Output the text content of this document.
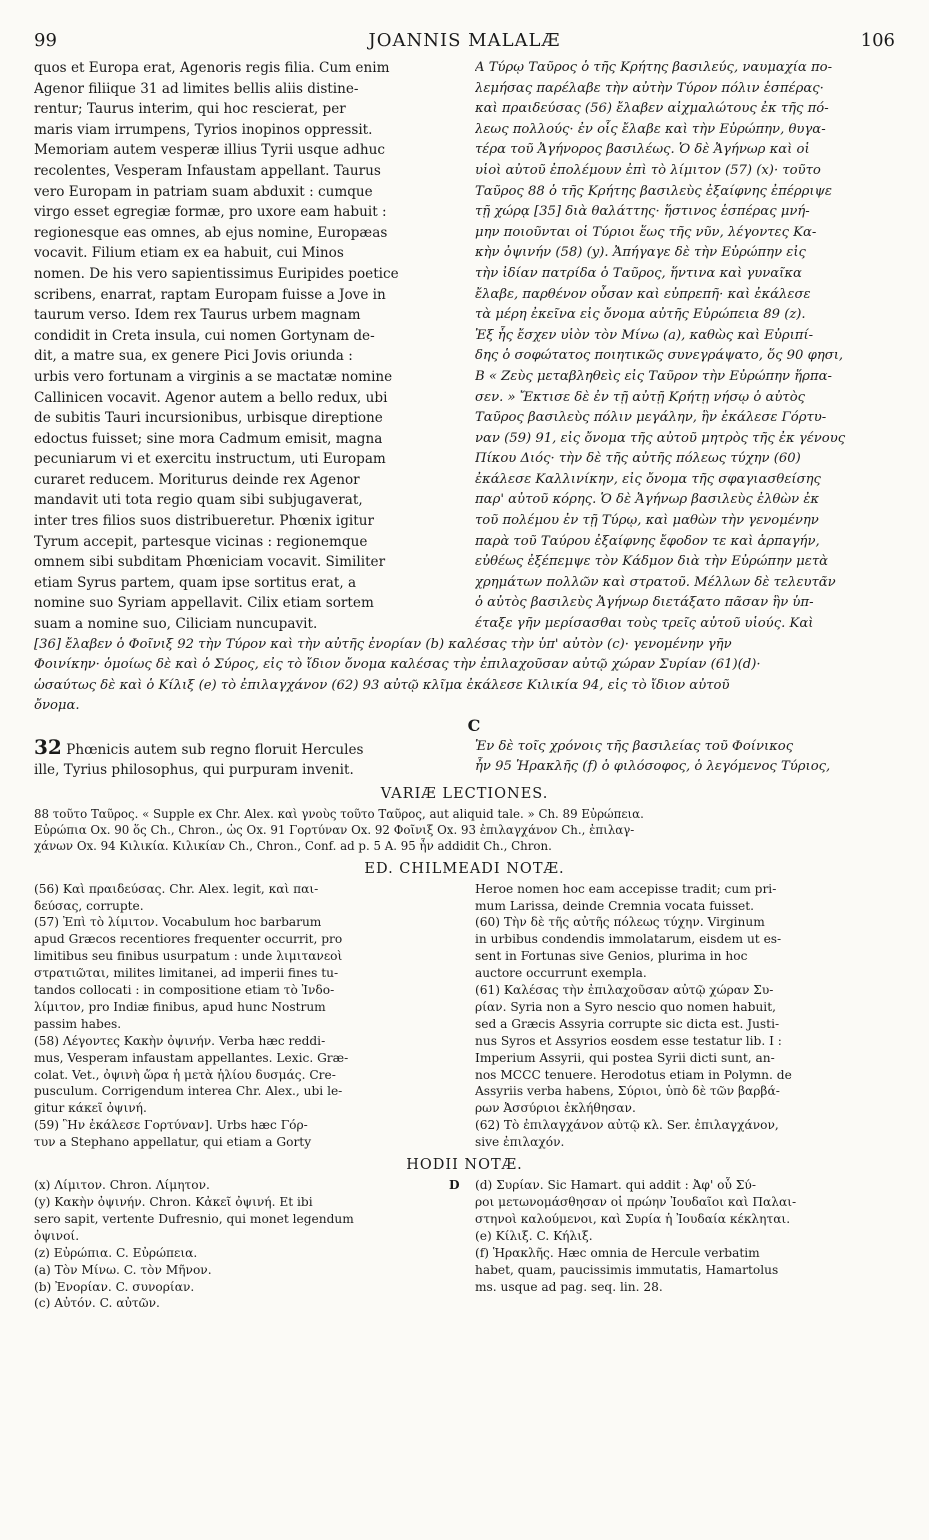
99	JOANNIS MALALÆ	106
quos et Europa erat, Agenoris regis filia. Cum enim
Agenor filiique 31 ad limites bellis aliis distine-
rentur; Taurus interim, qui hoc rescierat, per
maris viam irrumpens, Tyrios inopinos oppressit.
Memoriam autem vesperæ illius Tyrii usque adhuc
recolentes, Vesperam Infaustam appellant. Taurus
vero Europam in patriam suam abduxit : cumque
virgo esset egregiæ formæ, pro uxore eam habuit :
regionesque eas omnes, ab ejus nomine, Europæas
vocavit. Filium etiam ex ea habuit, cui Minos
nomen. De his vero sapientissimus Euripides poetice
scribens, enarrat, raptam Europam fuisse a Jove in
taurum verso. Idem rex Taurus urbem magnam
condidit in Creta insula, cui nomen Gortynam de-
dit, a matre sua, ex genere Pici Jovis oriunda :
urbis vero fortunam a virginis a se mactatæ nomine
Callinicen vocavit. Agenor autem a bello redux, ubi
de subitis Tauri incursionibus, urbisque direptione
edoctus fuisset; sine mora Cadmum emisit, magna
pecuniarum vi et exercitu instructum, uti Europam
curaret reducem. Moriturus deinde rex Agenor
mandavit uti tota regio quam sibi subjugaverat,
inter tres filios suos distribueretur. Phœnix igitur
Tyrum accepit, partesque vicinas : regionemque
omnem sibi subditam Phœniciam vocavit. Similiter
etiam Syrus partem, quam ipse sortitus erat, a
nomine suo Syriam appellavit. Cilix etiam sortem
suam a nomine suo, Ciliciam nuncupavit.
A Τύρῳ Ταῦρος ὁ τῆς Κρήτης βασιλεύς, ναυμαχία πο-
λεμήσας παρέλαβε τὴν αὐτὴν Τύρον πόλιν ἑσπέρας·
καὶ πραιδεύσας (56) ἔλαβεν αἰχμαλώτους ἐκ τῆς πό-
λεως πολλούς· ἐν οἷς ἔλαβε καὶ τὴν Εὐρώπην, θυγα-
τέρα τοῦ Ἀγήνορος βασιλέως. Ὁ δὲ Ἀγήνωρ καὶ οἱ
υἱοὶ αὐτοῦ ἐπολέμουν ἐπὶ τὸ λίμιτον (57) (x)· τοῦτο
Ταῦρος 88 ὁ τῆς Κρήτης βασιλεὺς ἐξαίφνης ἐπέρριψε
τῇ χώρᾳ [35] διὰ θαλάττης· ἥστινος ἑσπέρας μνή-
μην ποιοῦνται οἱ Τύριοι ἕως τῆς νῦν, λέγοντες Κα-
κὴν ὀψινήν (58) (y). Ἀπήγαγε δὲ τὴν Εὐρώπην εἰς
τὴν ἰδίαν πατρίδα ὁ Ταῦρος, ἥντινα καὶ γυναῖκα
ἔλαβε, παρθένον οὖσαν καὶ εὐπρεπῆ· καὶ ἐκάλεσε
τὰ μέρη ἐκεῖνα εἰς ὄνομα αὐτῆς Εὐρώπεια 89 (z).
Ἐξ ἧς ἔσχεν υἱὸν τὸν Μίνω (a), καθὼς καὶ Εὐριπί-
δης ὁ σοφώτατος ποιητικῶς συνεγράψατο, ὅς 90 φησι,
B « Ζεὺς μεταβληθεὶς εἰς Ταῦρον τὴν Εὐρώπην ἥρπα-
σεν. » Ἔκτισε δὲ ἐν τῇ αὐτῇ Κρήτῃ νήσῳ ὁ αὐτὸς
Ταῦρος βασιλεὺς πόλιν μεγάλην, ἣν ἐκάλεσε Γόρτυ-
ναν (59) 91, εἰς ὄνομα τῆς αὐτοῦ μητρὸς τῆς ἐκ γένους
Πίκου Διός· τὴν δὲ τῆς αὐτῆς πόλεως τύχην (60)
ἐκάλεσε Καλλινίκην, εἰς ὄνομα τῆς σφαγιασθείσης
παρ' αὐτοῦ κόρης. Ὁ δὲ Ἀγήνωρ βασιλεὺς ἐλθὼν ἐκ
τοῦ πολέμου ἐν τῇ Τύρῳ, καὶ μαθὼν τὴν γενομένην
παρὰ τοῦ Ταύρου ἐξαίφνης ἔφοδον τε καὶ ἁρπαγήν,
εὐθέως ἐξέπεμψε τὸν Κάδμον διὰ τὴν Εὐρώπην μετὰ
χρημάτων πολλῶν καὶ στρατοῦ. Μέλλων δὲ τελευτᾶν
ὁ αὐτὸς βασιλεὺς Ἀγήνωρ διετάξατο πᾶσαν ἣν ὑπ-
έταξε γῆν μερίσασθαι τοὺς τρεῖς αὐτοῦ υἱούς. Καὶ
[36] ἔλαβεν ὁ Φοῖνιξ 92 τὴν Τύρον καὶ τὴν αὐτῆς ἐνορίαν (b) καλέσας τὴν ὑπ' αὐτὸν (c)· γενομένην γῆν
Φοινίκην· ὁμοίως δὲ καὶ ὁ Σύρος, εἰς τὸ ἴδιον ὄνομα καλέσας τὴν ἐπιλαχοῦσαν αὐτῷ χώραν Συρίαν (61)(d)·
ὡσαύτως δὲ καὶ ὁ Κίλιξ (e) τὸ ἐπιλαγχάνον (62) 93 αὐτῷ κλῖμα ἐκάλεσε Κιλικία 94, εἰς τὸ ἴδιον αὐτοῦ
ὄνομα.
C
32 Phœnicis autem sub regno floruit Hercules
ille, Tyrius philosophus, qui purpuram invenit.
Ἐν δὲ τοῖς χρόνοις τῆς βασιλείας τοῦ Φοίνικος
ἦν 95 Ἡρακλῆς (f) ὁ φιλόσοφος, ὁ λεγόμενος Τύριος,
VARIÆ LECTIONES.
88 τοῦτο Ταῦρος. « Supple ex Chr. Alex. καὶ γνοὺς τοῦτο Ταῦρος, aut aliquid tale. » Ch. 89 Εὐρώπεια.
Εὐρώπια Ox. 90 ὅς Ch., Chron., ὡς Ox. 91 Γορτύναν Ox. 92 Φοῖνιξ Ox. 93 ἐπιλαγχάνον Ch., ἐπιλαγ-
χάνων Ox. 94 Κιλικία. Κιλικίαν Ch., Chron., Conf. ad p. 5 A. 95 ἦν addidit Ch., Chron.
ED. CHILMEADI NOTÆ.
(56) Καὶ πραιδεύσας. Chr. Alex. legit, καὶ παι-
δεύσας, corrupte.
(57) Ἐπὶ τὸ λίμιτον. Vocabulum hoc barbarum
apud Græcos recentiores frequenter occurrit, pro
limitibus seu finibus usurpatum : unde λιμιτανεοὶ
στρατιῶται, milites limitanei, ad imperii fines tu-
tandos collocati : in compositione etiam τὸ Ἰνδο-
λίμιτον, pro Indiæ finibus, apud hunc Nostrum
passim habes.
(58) Λέγοντες Κακὴν ὀψινήν. Verba hæc reddi-
mus, Vesperam infaustam appellantes. Lexic. Græ-
colat. Vet., ὀψινὴ ὥρα ἡ μετὰ ἡλίου δυσμάς. Cre-
pusculum. Corrigendum interea Chr. Alex., ubi le-
gitur κάκεῖ ὀψινή.
(59) Ἣν ἐκάλεσε Γορτύναν]. Urbs hæc Γόρ-
τυν a Stephano appellatur, qui etiam a Gorty
Heroe nomen hoc eam accepisse tradit; cum pri-
mum Larissa, deinde Cremnia vocata fuisset.
(60) Τὴν δὲ τῆς αὐτῆς πόλεως τύχην. Virginum
in urbibus condendis immolatarum, eisdem ut es-
sent in Fortunas sive Genios, plurima in hoc
auctore occurrunt exempla.
(61) Καλέσας τὴν ἐπιλαχοῦσαν αὐτῷ χώραν Συ-
ρίαν. Syria non a Syro nescio quo nomen habuit,
sed a Græcis Assyria corrupte sic dicta est. Justi-
nus Syros et Assyrios eosdem esse testatur lib. I :
Imperium Assyrii, qui postea Syrii dicti sunt, an-
nos MCCC tenuere. Herodotus etiam in Polymn. de
Assyriis verba habens, Σύριοι, ὑπὸ δὲ τῶν βαρβά-
ρων Ἀσσύριοι ἐκλήθησαν.
(62) Τὸ ἐπιλαγχάνον αὐτῷ κλ. Ser. ἐπιλαγχάνον,
sive ἐπιλαχόν.
HODII NOTÆ.
(x) Λίμιτον. Chron. Λίμητον.
(y) Κακὴν ὀψινήν. Chron. Κἀκεῖ ὀψινή. Et ibi
sero sapit, vertente Dufresnio, qui monet legendum
ὀψινοί.
(z) Εὐρώπια. C. Εὐρώπεια.
(a) Τὸν Μίνω. C. τὸν Μῆνον.
(b) Ἐνορίαν. C. συνορίαν.
(c) Αὐτόν. C. αὐτῶν.
D (d) Συρίαν. Sic Hamart. qui addit : Ἀφ' οὗ Σύ-
ροι μετωνομάσθησαν οἱ πρώην Ἰουδαῖοι καὶ Παλαι-
στηνοὶ καλούμενοι, καὶ Συρία ἡ Ἰουδαία κέκληται.
(e) Κίλιξ. C. Κήλιξ.
(f) Ἡρακλῆς. Hæc omnia de Hercule verbatim
habet, quam, paucissimis immutatis, Hamartolus
ms. usque ad pag. seq. lin. 28.
